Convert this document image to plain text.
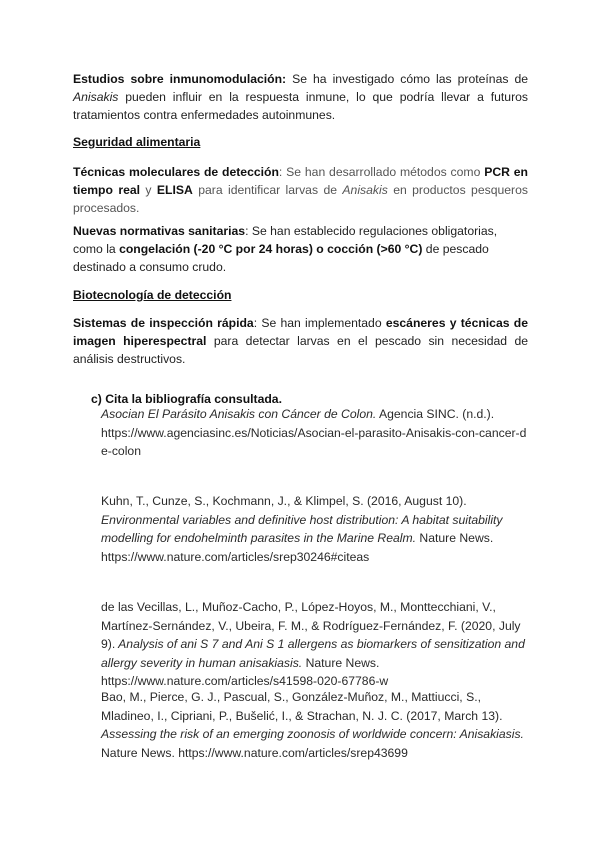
Estudios sobre inmunomodulación: Se ha investigado cómo las proteínas de Anisakis pueden influir en la respuesta inmune, lo que podría llevar a futuros tratamientos contra enfermedades autoinmunes.
Seguridad alimentaria
Técnicas moleculares de detección: Se han desarrollado métodos como PCR en tiempo real y ELISA para identificar larvas de Anisakis en productos pesqueros procesados.
Nuevas normativas sanitarias: Se han establecido regulaciones obligatorias, como la congelación (-20 °C por 24 horas) o cocción (>60 °C) de pescado destinado a consumo crudo.
Biotecnología de detección
Sistemas de inspección rápida: Se han implementado escáneres y técnicas de imagen hiperespectral para detectar larvas en el pescado sin necesidad de análisis destructivos.
c) Cita la bibliografía consultada.
Asocian El Parásito Anisakis con Cáncer de Colon. Agencia SINC. (n.d.).
https://www.agenciasinc.es/Noticias/Asocian-el-parasito-Anisakis-con-cancer-de-colon
Kuhn, T., Cunze, S., Kochmann, J., & Klimpel, S. (2016, August 10). Environmental variables and definitive host distribution: A habitat suitability modelling for endohelminth parasites in the Marine Realm. Nature News.
https://www.nature.com/articles/srep30246#citeas
de las Vecillas, L., Muñoz-Cacho, P., López-Hoyos, M., Monttecchiani, V., Martínez-Sernández, V., Ubeira, F. M., & Rodríguez-Fernández, F. (2020, July 9). Analysis of ani S 7 and Ani S 1 allergens as biomarkers of sensitization and allergy severity in human anisakiasis. Nature News.
https://www.nature.com/articles/s41598-020-67786-w
Bao, M., Pierce, G. J., Pascual, S., González-Muñoz, M., Mattiucci, S., Mladineo, I., Cipriani, P., Bušelić, I., & Strachan, N. J. C. (2017, March 13). Assessing the risk of an emerging zoonosis of worldwide concern: Anisakiasis.
Nature News. https://www.nature.com/articles/srep43699
